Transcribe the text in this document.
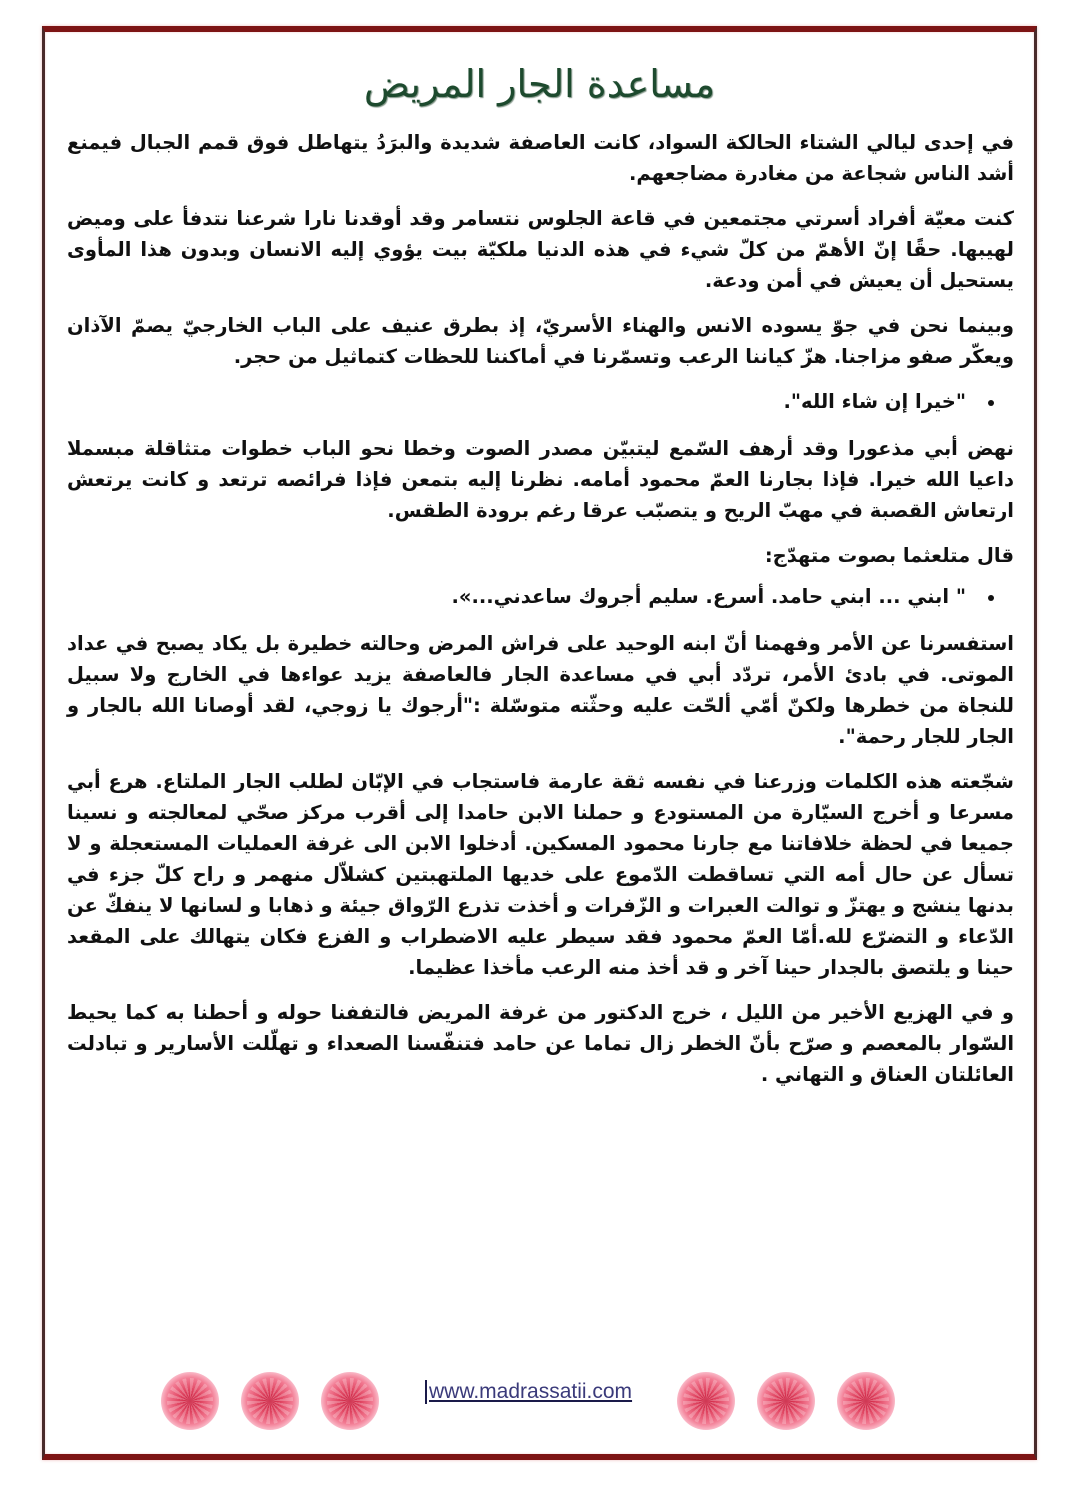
مساعدة الجار المريض

في إحدى ليالي الشتاء الحالكة السواد، كانت العاصفة شديدة والبرَدُ يتهاطل فوق قمم الجبال فيمنع أشد الناس شجاعة من مغادرة مضاجعهم.

كنت معيّة أفراد أسرتي مجتمعين في قاعة الجلوس نتسامر وقد أوقدنا نارا شرعنا نتدفأ على وميض لهيبها. حقًا إنّ الأهمّ من كلّ شيء في هذه الدنيا ملكيّة بيت يؤوي إليه الانسان وبدون هذا المأوى يستحيل أن يعيش في أمن ودعة.

وبينما نحن في جوّ يسوده الانس والهناء الأسريّ، إذ بطرق عنيف على الباب الخارجيّ يصمّ الآذان ويعكّر صفو مزاجنا. هزّ كياننا الرعب وتسمّرنا في أماكننا للحظات كتماثيل من حجر.

"خيرا إن شاء الله".

نهض أبي مذعورا وقد أرهف السّمع ليتبيّن مصدر الصوت وخطا نحو الباب خطوات متثاقلة مبسملا داعيا الله خيرا. فإذا بجارنا العمّ محمود أمامه. نظرنا إليه بتمعن فإذا فرائصه ترتعد و كانت يرتعش ارتعاش القصبة في مهبّ الريح و يتصبّب عرقا رغم برودة الطقس.

قال متلعثما بصوت متهدّج:

" ابني ... ابني حامد. أسرع. سليم أجروك ساعدني...».

استفسرنا عن الأمر وفهمنا أنّ ابنه الوحيد على فراش المرض وحالته خطيرة بل يكاد يصبح في عداد الموتى. في بادئ الأمر، تردّد أبي في مساعدة الجار فالعاصفة يزيد عواءها في الخارج ولا سبيل للنجاة من خطرها ولكنّ أمّي ألحّت عليه وحثّته متوسّلة :"أرجوك يا زوجي، لقد أوصانا الله بالجار و الجار للجار رحمة".

شجّعته هذه الكلمات وزرعنا في نفسه ثقة عارمة فاستجاب في الإبّان لطلب الجار الملتاع. هرع أبي مسرعا و أخرج السيّارة من المستودع و حملنا الابن حامدا إلى أقرب مركز صحّي لمعالجته و نسينا جميعا في لحظة خلافاتنا مع جارنا محمود المسكين. أدخلوا الابن الى غرفة العمليات المستعجلة و لا تسأل عن حال أمه التي تساقطت الدّموع على خديها الملتهبتين كشلاّل منهمر و راح كلّ جزء في بدنها ينشج و يهتزّ و توالت العبرات و الزّفرات و أخذت تذرع الرّواق جيئة و ذهابا و لسانها لا ينفكّ عن الدّعاء و التضرّع لله.أمّا العمّ محمود فقد سيطر عليه الاضطراب و الفزع فكان يتهالك على المقعد حينا و يلتصق بالجدار حينا آخر و قد أخذ منه الرعب مأخذا عظيما.

و في الهزيع الأخير من الليل ، خرج الدكتور من غرفة المريض فالتففنا حوله و أحطنا به كما يحيط السّوار بالمعصم و صرّح بأنّ الخطر زال تماما عن حامد فتنفّسنا الصعداء و تهلّلت الأسارير و تبادلت العائلتان العناق و التهاني .

www.madrassatii.com
